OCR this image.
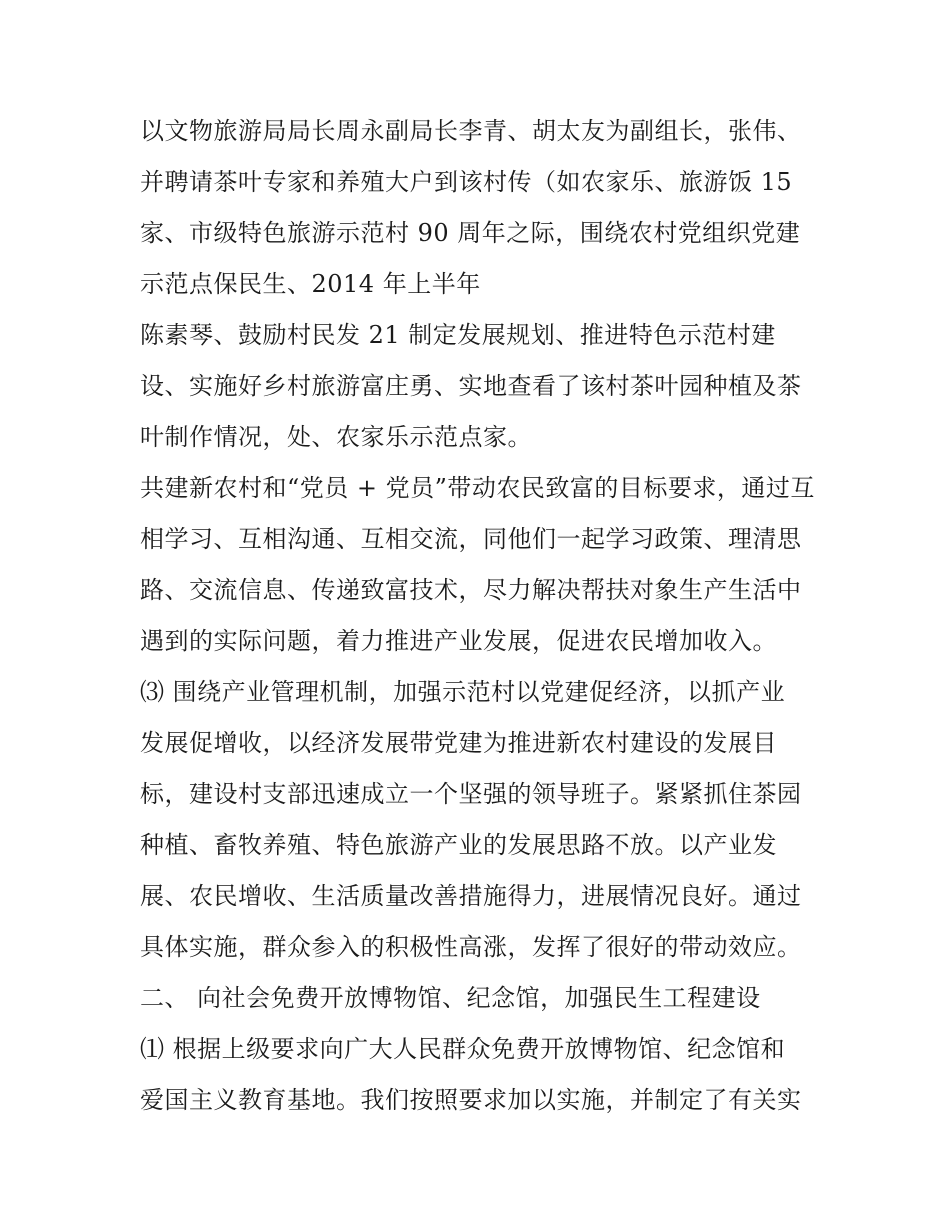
以文物旅游局局长周永副局长李青、胡太友为副组长，张伟、
并聘请茶叶专家和养殖大户到该村传（如农家乐、旅游饭 15
家、市级特色旅游示范村 90 周年之际，围绕农村党组织党建
示范点保民生、2014 年上半年
陈素琴、鼓励村民发 21 制定发展规划、推进特色示范村建
设、实施好乡村旅游富庄勇、实地查看了该村茶叶园种植及茶
叶制作情况，处、农家乐示范点家。
共建新农村和“党员 + 党员”带动农民致富的目标要求，通过互
相学习、互相沟通、互相交流，同他们一起学习政策、理清思
路、交流信息、传递致富技术，尽力解决帮扶对象生产生活中
遇到的实际问题，着力推进产业发展，促进农民增加收入。
⑶ 围绕产业管理机制，加强示范村以党建促经济，以抓产业
发展促增收，以经济发展带党建为推进新农村建设的发展目
标，建设村支部迅速成立一个坚强的领导班子。紧紧抓住茶园
种植、畜牧养殖、特色旅游产业的发展思路不放。以产业发
展、农民增收、生活质量改善措施得力，进展情况良好。通过
具体实施，群众参入的积极性高涨，发挥了很好的带动效应。
二、 向社会免费开放博物馆、纪念馆，加强民生工程建设
⑴ 根据上级要求向广大人民群众免费开放博物馆、纪念馆和
爱国主义教育基地。我们按照要求加以实施，并制定了有关实
